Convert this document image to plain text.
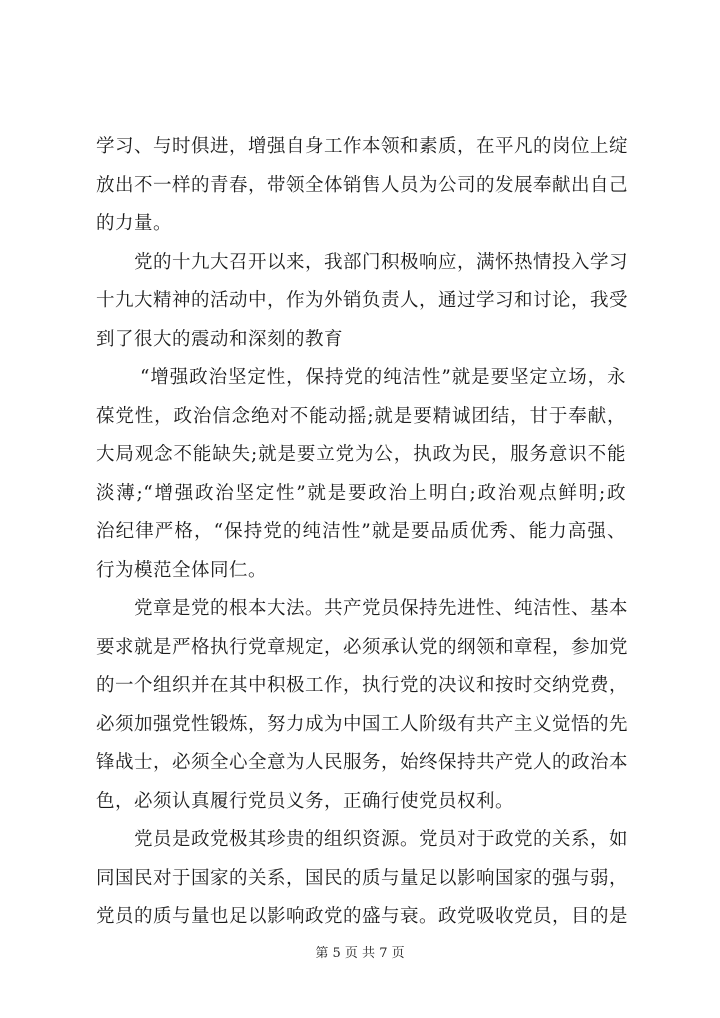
学习、与时俱进，增强自身工作本领和素质，在平凡的岗位上绽
放出不一样的青春，带领全体销售人员为公司的发展奉献出自己
的力量。
党的十九大召开以来，我部门积极响应，满怀热情投入学习
十九大精神的活动中，作为外销负责人，通过学习和讨论，我受
到了很大的震动和深刻的教育
“增强政治坚定性，保持党的纯洁性”就是要坚定立场，永
葆党性，政治信念绝对不能动摇;就是要精诚团结，甘于奉献，
大局观念不能缺失;就是要立党为公，执政为民，服务意识不能
淡薄;“增强政治坚定性”就是要政治上明白;政治观点鲜明;政
治纪律严格，“保持党的纯洁性”就是要品质优秀、能力高强、
行为模范全体同仁。
党章是党的根本大法。共产党员保持先进性、纯洁性、基本
要求就是严格执行党章规定，必须承认党的纲领和章程，参加党
的一个组织并在其中积极工作，执行党的决议和按时交纳党费，
必须加强党性锻炼，努力成为中国工人阶级有共产主义觉悟的先
锋战士，必须全心全意为人民服务，始终保持共产党人的政治本
色，必须认真履行党员义务，正确行使党员权利。
党员是政党极其珍贵的组织资源。党员对于政党的关系，如
同国民对于国家的关系，国民的质与量足以影响国家的强与弱，
党员的质与量也足以影响政党的盛与衰。政党吸收党员，目的是
第 5 页 共 7 页
